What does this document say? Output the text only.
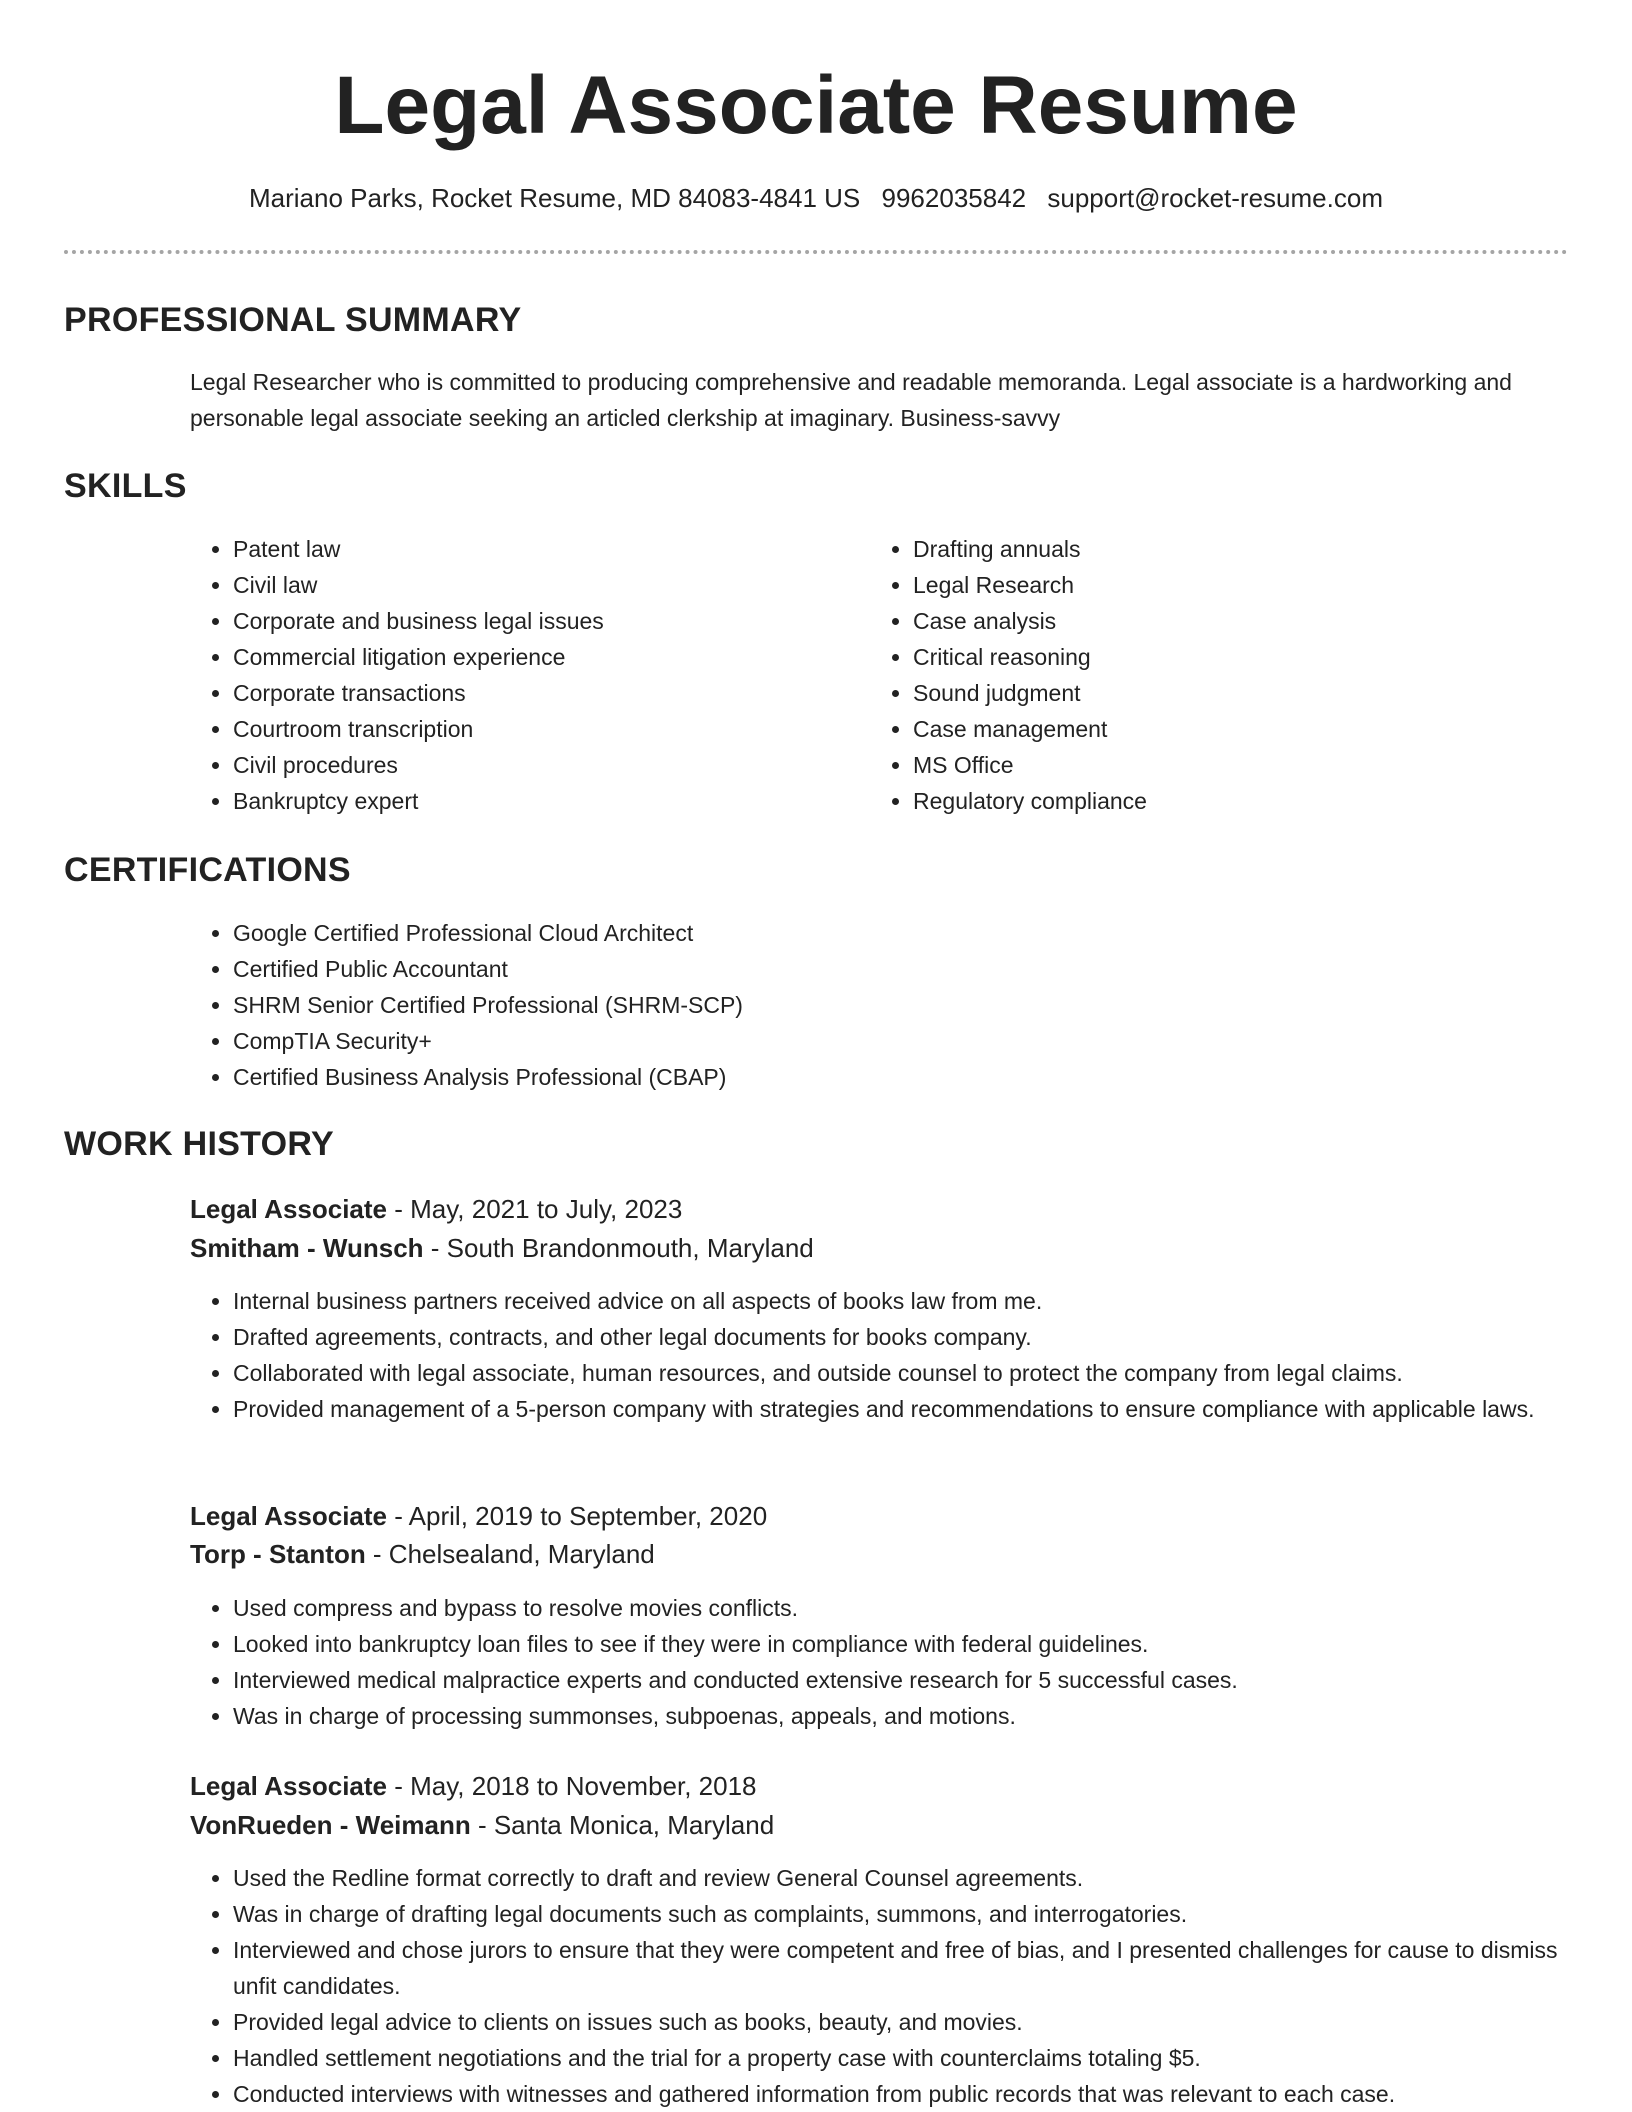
Legal Associate Resume
Mariano Parks, Rocket Resume, MD 84083-4841 US 9962035842 support@rocket-resume.com
PROFESSIONAL SUMMARY

Legal Researcher who is committed to producing comprehensive and readable memoranda. Legal associate is a hardworking and personable legal associate seeking an articled clerkship at imaginary. Business-savvy

SKILLS
• Patent law
• Civil law
• Corporate and business legal issues
• Commercial litigation experience
• Corporate transactions
• Courtroom transcription
• Civil procedures
• Bankruptcy expert
• Drafting annuals
• Legal Research
• Case analysis
• Critical reasoning
• Sound judgment
• Case management
• MS Office
• Regulatory compliance
CERTIFICATIONS
• Google Certified Professional Cloud Architect
• Certified Public Accountant
• SHRM Senior Certified Professional (SHRM-SCP)
• CompTIA Security+
• Certified Business Analysis Professional (CBAP)
WORK HISTORY
Legal Associate - May, 2021 to July, 2023
Smitham - Wunsch - South Brandonmouth, Maryland
• Internal business partners received advice on all aspects of books law from me.
• Drafted agreements, contracts, and other legal documents for books company.
• Collaborated with legal associate, human resources, and outside counsel to protect the company from legal claims.
• Provided management of a 5-person company with strategies and recommendations to ensure compliance with applicable laws.
Legal Associate - April, 2019 to September, 2020
Torp - Stanton - Chelsealand, Maryland
• Used compress and bypass to resolve movies conflicts.
• Looked into bankruptcy loan files to see if they were in compliance with federal guidelines.
• Interviewed medical malpractice experts and conducted extensive research for 5 successful cases.
• Was in charge of processing summonses, subpoenas, appeals, and motions.
Legal Associate - May, 2018 to November, 2018
VonRueden - Weimann - Santa Monica, Maryland
• Used the Redline format correctly to draft and review General Counsel agreements.
• Was in charge of drafting legal documents such as complaints, summons, and interrogatories.
• Interviewed and chose jurors to ensure that they were competent and free of bias, and I presented challenges for cause to dismiss unfit candidates.
• Provided legal advice to clients on issues such as books, beauty, and movies.
• Handled settlement negotiations and the trial for a property case with counterclaims totaling $5.
• Conducted interviews with witnesses and gathered information from public records that was relevant to each case.
